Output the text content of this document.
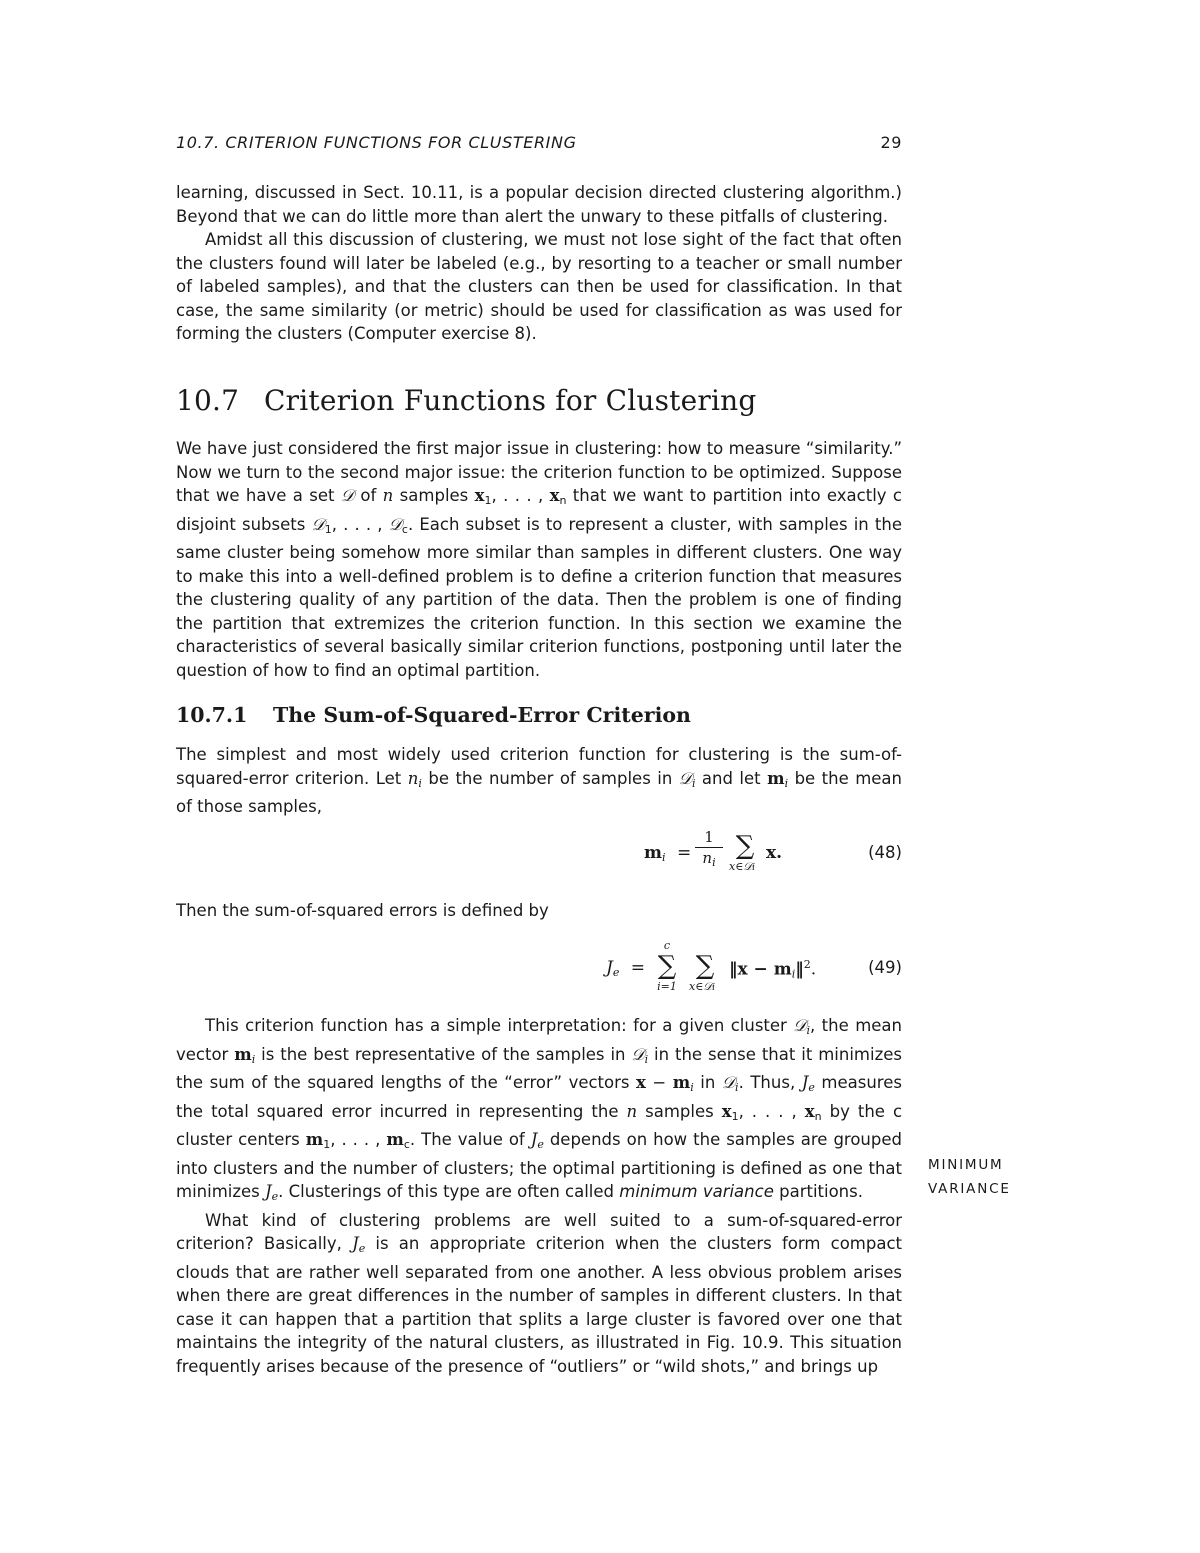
10.7. CRITERION FUNCTIONS FOR CLUSTERING	29

learning, discussed in Sect. 10.11, is a popular decision directed clustering algorithm.) Beyond that we can do little more than alert the unwary to these pitfalls of clustering.

Amidst all this discussion of clustering, we must not lose sight of the fact that often the clusters found will later be labeled (e.g., by resorting to a teacher or small number of labeled samples), and that the clusters can then be used for classification. In that case, the same similarity (or metric) should be used for classification as was used for forming the clusters (Computer exercise 8).

10.7 Criterion Functions for Clustering

We have just considered the first major issue in clustering: how to measure “similarity.” Now we turn to the second major issue: the criterion function to be optimized. Suppose that we have a set 𝒟 of n samples $x_1$, . . . , $x_n$ that we want to partition into exactly c disjoint subsets 𝒟$_1$, . . . , 𝒟$_c$. Each subset is to represent a cluster, with samples in the same cluster being somehow more similar than samples in different clusters. One way to make this into a well-defined problem is to define a criterion function that measures the clustering quality of any partition of the data. Then the problem is one of finding the partition that extremizes the criterion function. In this section we examine the characteristics of several basically similar criterion functions, postponing until later the question of how to find an optimal partition.

10.7.1 The Sum-of-Squared-Error Criterion

The simplest and most widely used criterion function for clustering is the sum-of-squared-error criterion. Let $n_i$ be the number of samples in 𝒟$_i$ and let $m_i$ be the mean of those samples,

$m_i$ =
1
$n_i$
∑
x∈𝒟i
x.	(48)

Then the sum-of-squared errors is defined by

$J_e$ =
c
∑
i=1
∑
x∈𝒟i
‖x − $m_i‖^2$.	(49)

This criterion function has a simple interpretation: for a given cluster 𝒟$_i$, the mean vector $m_i$ is the best representative of the samples in 𝒟$_i$ in the sense that it minimizes the sum of the squared lengths of the “error” vectors $x - m_i$ in 𝒟$_i$. Thus, $J_e$ measures the total squared error incurred in representing the n samples $x_1$, . . . , $x_n$ by the c cluster centers $m_1$, . . . , $m_c$. The value of $J_e$ depends on how the samples are grouped into clusters and the number of clusters; the optimal partitioning is defined as one that minimizes $J_e$. Clusterings of this type are often called minimum variance partitions.

What kind of clustering problems are well suited to a sum-of-squared-error criterion? Basically, $J_e$ is an appropriate criterion when the clusters form compact clouds that are rather well separated from one another. A less obvious problem arises when there are great differences in the number of samples in different clusters. In that case it can happen that a partition that splits a large cluster is favored over one that maintains the integrity of the natural clusters, as illustrated in Fig. 10.9. This situation frequently arises because of the presence of “outliers” or “wild shots,” and brings up

MINIMUM
VARIANCE
